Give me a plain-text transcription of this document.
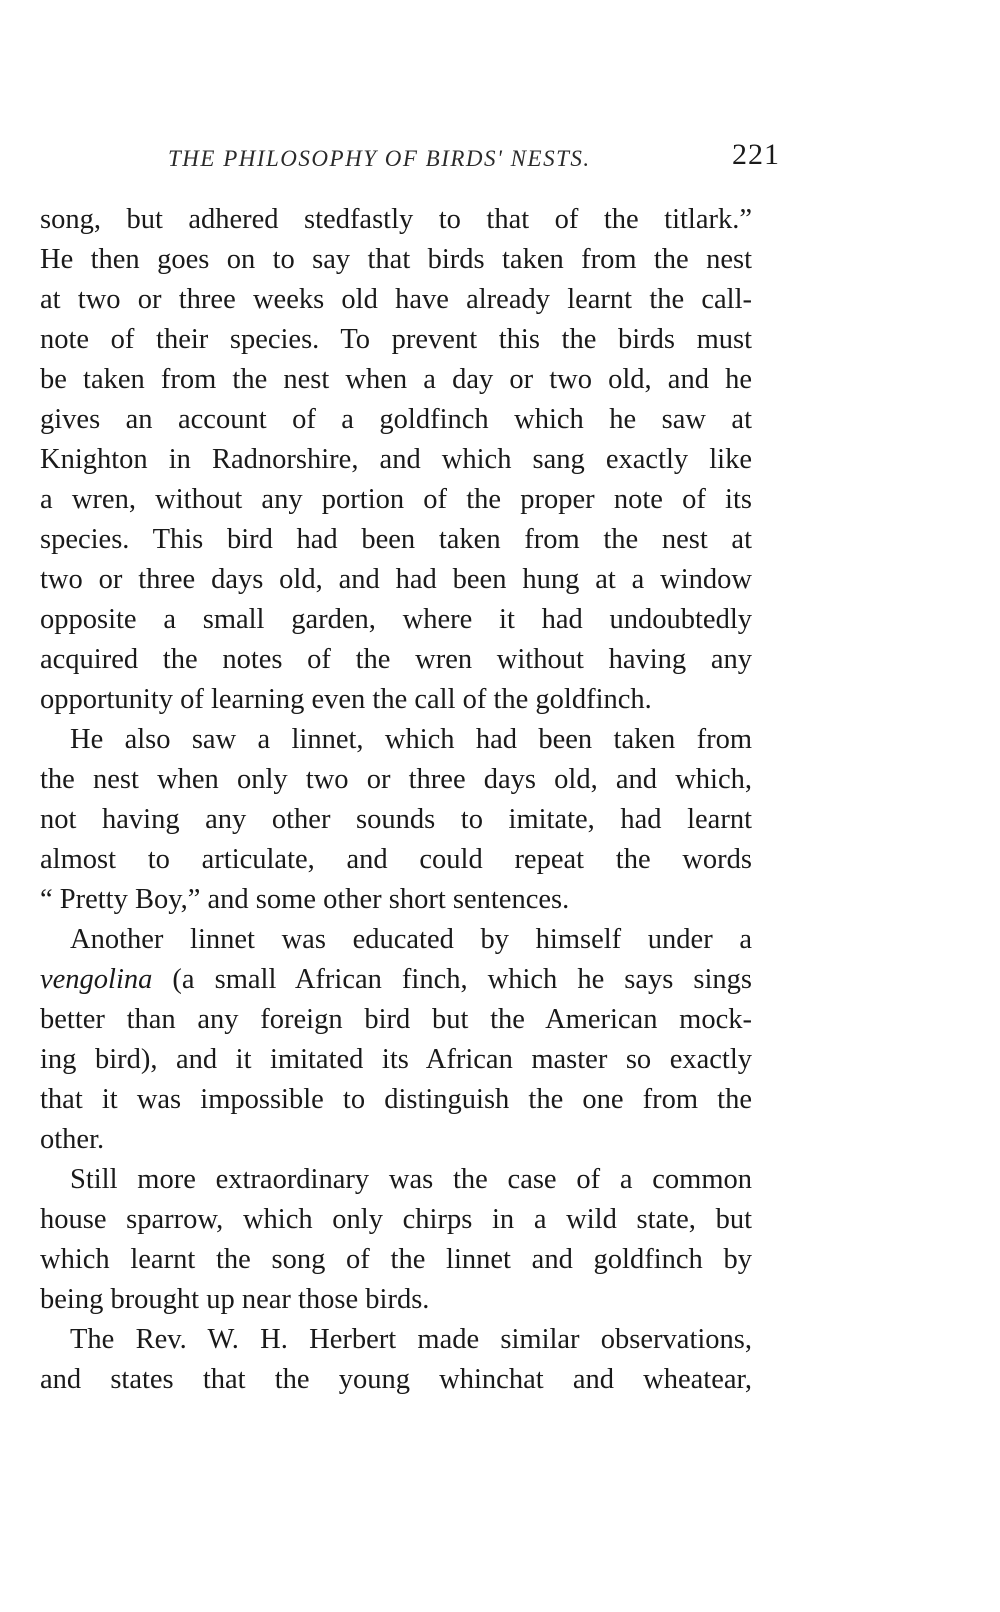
THE PHILOSOPHY OF BIRDS' NESTS.	221
song, but adhered stedfastly to that of the titlark.”
He then goes on to say that birds taken from the nest
at two or three weeks old have already learnt the call-
note of their species. To prevent this the birds must
be taken from the nest when a day or two old, and he
gives an account of a goldfinch which he saw at
Knighton in Radnorshire, and which sang exactly like
a wren, without any portion of the proper note of its
species. This bird had been taken from the nest at
two or three days old, and had been hung at a window
opposite a small garden, where it had undoubtedly
acquired the notes of the wren without having any
opportunity of learning even the call of the goldfinch.
He also saw a linnet, which had been taken from
the nest when only two or three days old, and which,
not having any other sounds to imitate, had learnt
almost to articulate, and could repeat the words
“ Pretty Boy,” and some other short sentences.
Another linnet was educated by himself under a
vengolina (a small African finch, which he says sings
better than any foreign bird but the American mock-
ing bird), and it imitated its African master so exactly
that it was impossible to distinguish the one from the
other.
Still more extraordinary was the case of a common
house sparrow, which only chirps in a wild state, but
which learnt the song of the linnet and goldfinch by
being brought up near those birds.
The Rev. W. H. Herbert made similar observations,
and states that the young whinchat and wheatear,
